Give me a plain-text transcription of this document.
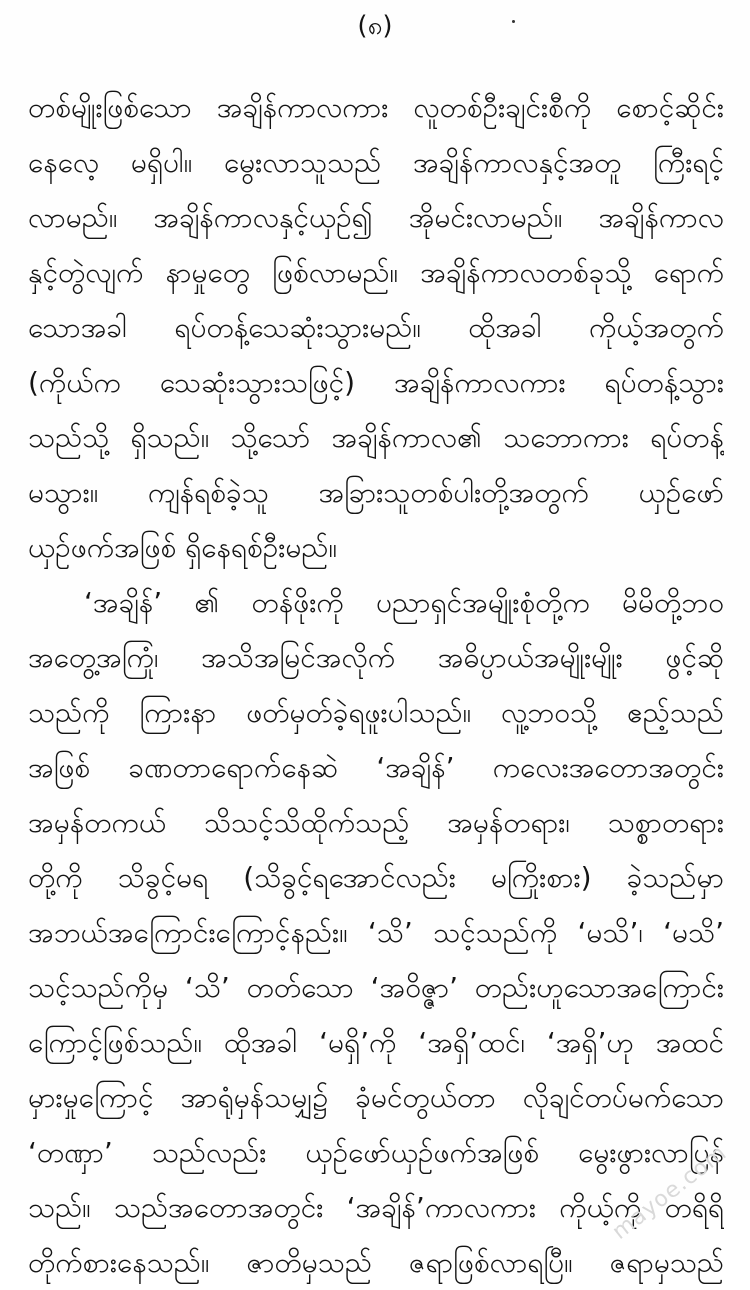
(၈)
တစ်မျိုးဖြစ်သော အချိန်ကာလကား လူတစ်ဦးချင်းစီကို စောင့်ဆိုင်း
နေလေ့ မရှိပါ။ မွေးလာသူသည် အချိန်ကာလနှင့်အတူ ကြီးရင့်
လာမည်။ အချိန်ကာလနှင့်ယှဉ်၍ အိုမင်းလာမည်။ အချိန်ကာလ
နှင့်တွဲလျက် နာမှုတွေ ဖြစ်လာမည်။ အချိန်ကာလတစ်ခုသို့ ရောက်
သောအခါ ရပ်တန့်သေဆုံးသွားမည်။ ထိုအခါ ကိုယ့်အတွက်
(ကိုယ်က သေဆုံးသွားသဖြင့်) အချိန်ကာလကား ရပ်တန့်သွား
သည်သို့ ရှိသည်။ သို့သော် အချိန်ကာလ၏ သဘောကား ရပ်တန့်
မသွား။ ကျန်ရစ်ခဲ့သူ အခြားသူတစ်ပါးတို့အတွက် ယှဉ်ဖော်
ယှဉ်ဖက်အဖြစ် ရှိနေရစ်ဦးမည်။
‘အချိန်’ ၏ တန်ဖိုးကို ပညာရှင်အမျိုးစုံတို့က မိမိတို့ဘဝ
အတွေ့အကြုံ၊ အသိအမြင်အလိုက် အဓိပ္ပာယ်အမျိုးမျိုး ဖွင့်ဆို
သည်ကို ကြားနာ ဖတ်မှတ်ခဲ့ရဖူးပါသည်။ လူ့ဘဝသို့ ဧည့်သည်
အဖြစ် ခဏတာရောက်နေဆဲ ‘အချိန်’ ကလေးအတောအတွင်း
အမှန်တကယ် သိသင့်သိထိုက်သည့် အမှန်တရား၊ သစ္စာတရား
တို့ကို သိခွင့်မရ (သိခွင့်ရအောင်လည်း မကြိုးစား) ခဲ့သည်မှာ
အဘယ်အကြောင်းကြောင့်နည်း။ ‘သိ’ သင့်သည်ကို ‘မသိ’၊ ‘မသိ’
သင့်သည်ကိုမှ ‘သိ’ တတ်သော ‘အဝိဇ္ဇာ’ တည်းဟူသောအကြောင်း
ကြောင့်ဖြစ်သည်။ ထိုအခါ ‘မရှိ’ကို ‘အရှိ’ထင်၊ ‘အရှိ’ဟု အထင်
မှားမှုကြောင့် အာရုံမှန်သမျှ၌ ခုံမင်တွယ်တာ လိုချင်တပ်မက်သော
‘တဏှာ’ သည်လည်း ယှဉ်ဖော်ယှဉ်ဖက်အဖြစ် မွေးဖွားလာပြန်
သည်။ သည်အတောအတွင်း ‘အချိန်’ကာလကား ကိုယ့်ကို တရိရိ
တိုက်စားနေသည်။ ဇာတိမှသည် ဇရာဖြစ်လာရပြီ။ ဇရာမှသည်
mayoe.com
